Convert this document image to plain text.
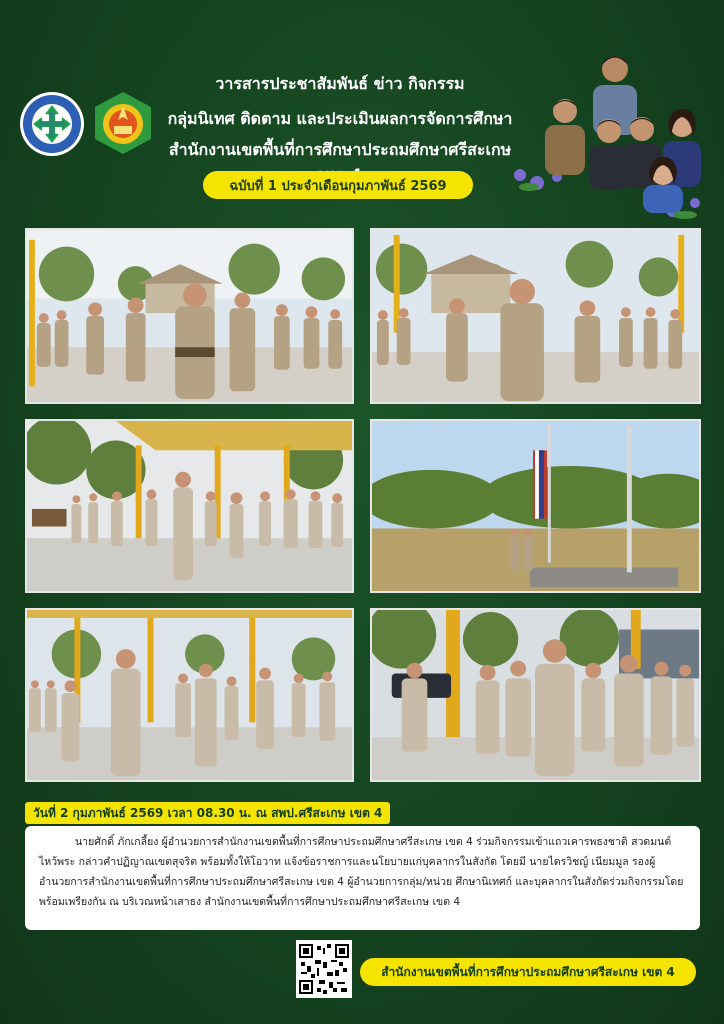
วารสารประชาสัมพันธ์ ข่าว กิจกรรม
กลุ่มนิเทศ ติดตาม และประเมินผลการจัดการศึกษา
สำนักงานเขตพื้นที่การศึกษาประถมศึกษาศรีสะเกษ
ฉบับที่ 1 ประจำเดือนกุมภาพันธ์ 2569
วันที่ 2 กุมภาพันธ์ 2569 เวลา 08.30 น. ณ สพป.ศรีสะเกษ เขต 4

นายศักดิ์ ภักเกลี้ยง ผู้อำนวยการสำนักงานเขตพื้นที่การศึกษาประถมศึกษาศรีสะเกษ เขต 4 ร่วมกิจกรรมเข้าแถวเคารพธงชาติ สวดมนต์ไหว้พระ กล่าวคำปฏิญาณเขตสุจริต พร้อมทั้งให้โอวาท แจ้งข้อราชการและนโยบายแก่บุคลากรในสังกัด โดยมี นายไตรวิชญ์ เนียมมูล รองผู้อำนวยการสำนักงานเขตพื้นที่การศึกษาประถมศึกษาศรีสะเกษ เขต 4 ผู้อำนวยการกลุ่ม/หน่วย ศึกษานิเทศก์ และบุคลากรในสังกัดร่วมกิจกรรมโดยพร้อมเพรียงกัน ณ บริเวณหน้าเสาธง สำนักงานเขตพื้นที่การศึกษาประถมศึกษาศรีสะเกษ เขต 4

สำนักงานเขตพื้นที่การศึกษาประถมศึกษาศรีสะเกษ เขต 4
